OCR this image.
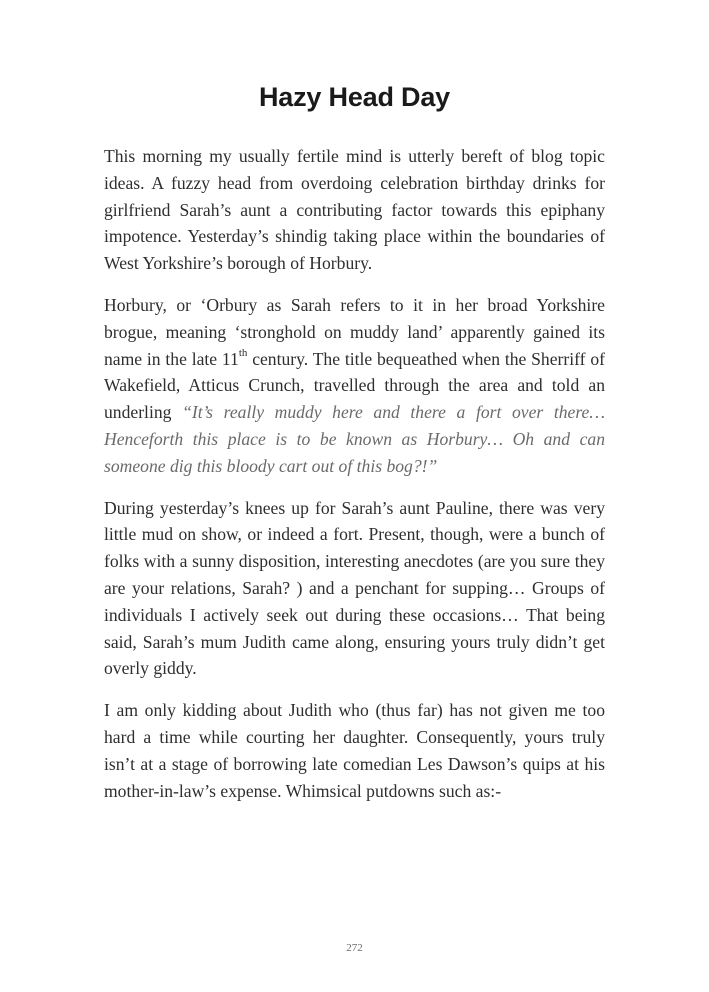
Hazy Head Day

This morning my usually fertile mind is utterly bereft of blog topic ideas. A fuzzy head from overdoing celebration birthday drinks for girlfriend Sarah’s aunt a contributing factor towards this epiphany impotence. Yesterday’s shindig taking place within the boundaries of West Yorkshire’s borough of Horbury.

Horbury, or ‘Orbury as Sarah refers to it in her broad Yorkshire brogue, meaning ‘stronghold on muddy land’ apparently gained its name in the late 11th century. The title bequeathed when the Sherriff of Wakefield, Atticus Crunch, travelled through the area and told an underling “It’s really muddy here and there a fort over there… Henceforth this place is to be known as Horbury… Oh and can someone dig this bloody cart out of this bog?!”

During yesterday’s knees up for Sarah’s aunt Pauline, there was very little mud on show, or indeed a fort. Present, though, were a bunch of folks with a sunny disposition, interesting anecdotes (are you sure they are your relations, Sarah? ) and a penchant for supping… Groups of individuals I actively seek out during these occasions… That being said, Sarah’s mum Judith came along, ensuring yours truly didn’t get overly giddy.

I am only kidding about Judith who (thus far) has not given me too hard a time while courting her daughter. Consequently, yours truly isn’t at a stage of borrowing late comedian Les Dawson’s quips at his mother-in-law’s expense. Whimsical putdowns such as:-

272
